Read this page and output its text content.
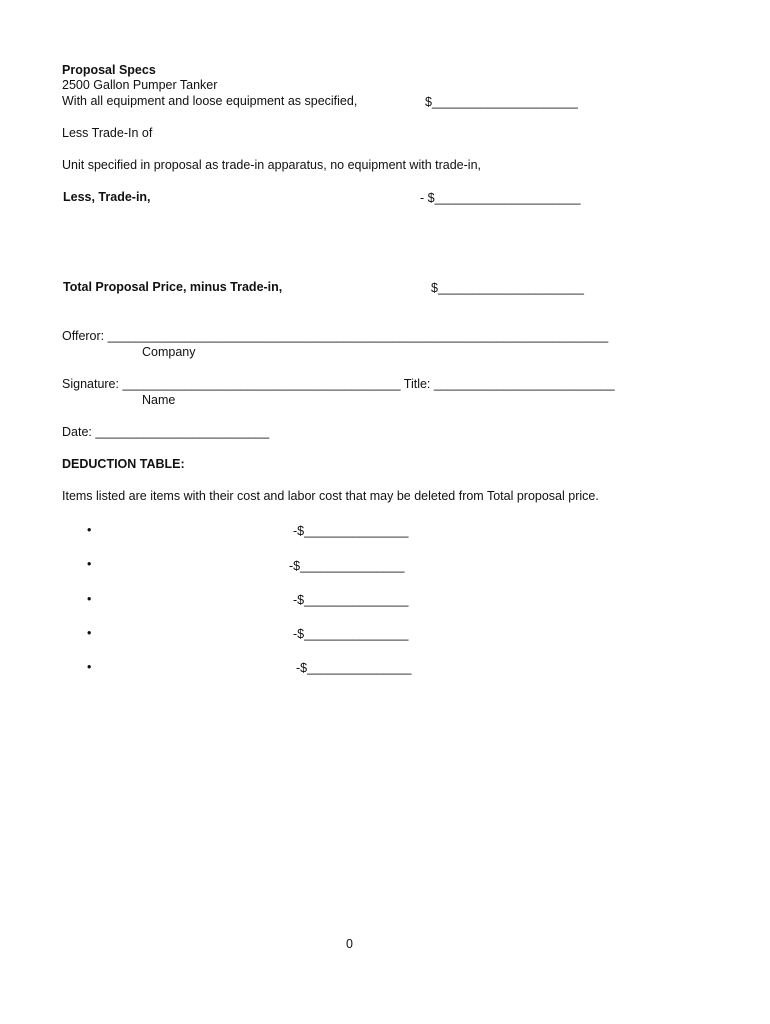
Proposal Specs
2500 Gallon Pumper Tanker
With all equipment and loose equipment as specified,	$_____________________
Less Trade-In of
Unit specified in proposal as trade-in apparatus, no equipment with trade-in,
Less, Trade-in,	- $_____________________
Total Proposal Price, minus Trade-in,	$_____________________
Offeror: ________________________________________________________________________
Company
Signature: ________________________________________ Title: __________________________
Name
Date: _________________________
DEDUCTION TABLE:
Items listed are items with their cost and labor cost that may be deleted from Total proposal price.
•	-$_______________
•	-$_______________
•	-$_______________
•	-$_______________
•	-$_______________
0
